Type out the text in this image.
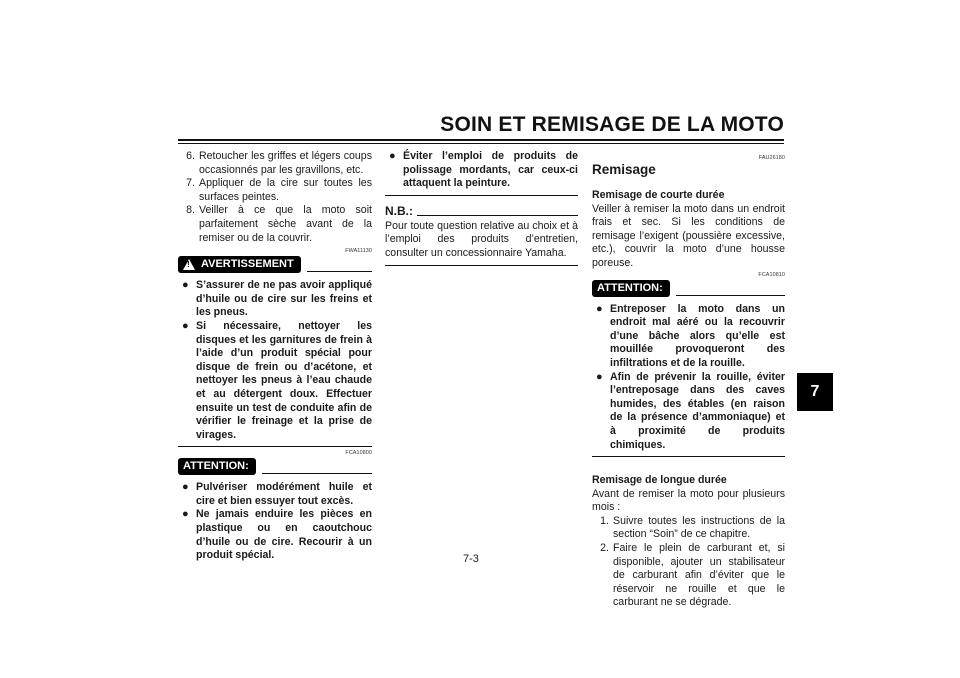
SOIN ET REMISAGE DE LA MOTO
7
7-3
6. Retoucher les griffes et légers coups occasionnés par les gravillons, etc.
7. Appliquer de la cire sur toutes les surfaces peintes.
8. Veiller à ce que la moto soit parfaitement sèche avant de la remiser ou de la couvrir.
FWA11130
!
AVERTISSEMENT
● S’assurer de ne pas avoir appliqué d’huile ou de cire sur les freins et les pneus.
● Si nécessaire, nettoyer les disques et les garnitures de frein à l’aide d’un produit spécial pour disque de frein ou d’acétone, et nettoyer les pneus à l’eau chaude et au détergent doux. Effectuer ensuite un test de conduite afin de vérifier le freinage et la prise de virages.
FCA10800
ATTENTION:
● Pulvériser modérément huile et cire et bien essuyer tout excès.
● Ne jamais enduire les pièces en plastique ou en caoutchouc d’huile ou de cire. Recourir à un produit spécial.
● Éviter l’emploi de produits de polissage mordants, car ceux-ci attaquent la peinture.
N.B.:
Pour toute question relative au choix et à l’emploi des produits d’entretien, consulter un concessionnaire Yamaha.
FAU26180
Remisage
Remisage de courte durée
Veiller à remiser la moto dans un endroit frais et sec. Si les conditions de remisage l’exigent (poussière excessive, etc.), couvrir la moto d’une housse poreuse.
FCA10810
ATTENTION:
● Entreposer la moto dans un endroit mal aéré ou la recouvrir d’une bâche alors qu’elle est mouillée provoqueront des infiltrations et de la rouille.
● Afin de prévenir la rouille, éviter l’entreposage dans des caves humides, des étables (en raison de la présence d’ammoniaque) et à proximité de produits chimiques.
Remisage de longue durée
Avant de remiser la moto pour plusieurs mois :
1. Suivre toutes les instructions de la section “Soin” de ce chapitre.
2. Faire le plein de carburant et, si disponible, ajouter un stabilisateur de carburant afin d’éviter que le réservoir ne rouille et que le carburant ne se dégrade.
